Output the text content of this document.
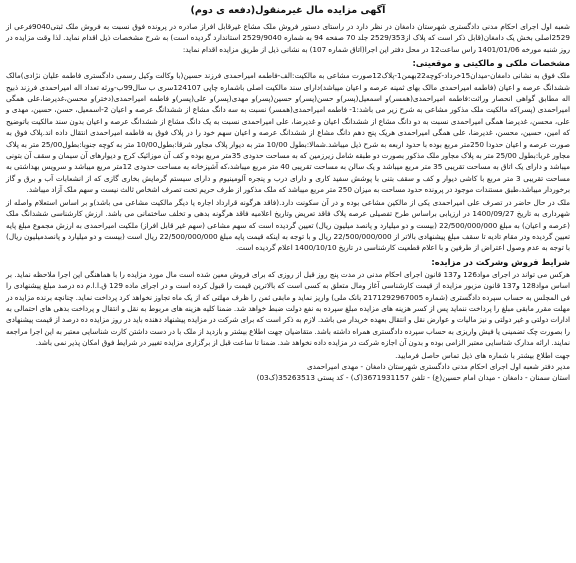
آگهی مزایده مال غیرمنقول(دفعه ی دوم)

شعبه اول اجرای احکام مدنی دادگستری شهرستان دامغان در نظر دارد در راستای دستور فروش ملک مشاع غیرقابل افراز صادره در پرونده فوق نسبت به فروش ملک ثبتی9040فرعی از 2529اصلی بخش یک دامغان(قابل ذکر است که پلاک از2529/353 جلد 70 صفحه 94 به شماره 2529/9040 استاندارد گردیده است) به شرح مشخصات ذیل اقدام نماید. لذا وقت مزایده در روز شنبه مورخه 1401/01/06 راس ساعت12 در محل دفتر این اجرا(اتاق شماره 107) به نشانی ذیل از طریق مزایده اقدام نماید:

مشخصات ملکی و مالکیتی و موقعیتی:

ملک فوق به نشانی دامغان-میدان15خرداد-کوچه22بهمن1-پلاک12صورت مشاعی به مالکیت:الف-فاطمه امیراحمدی فرزند حسین(با وکالت وکیل رسمی دادگستری فاطمه علیان نژادی)مالک ششدانگ عرصه و اعیان (فاطمه امیراحمدی مالک بهای ثمینه عرصه و اعیان میباشد)دارای سند مالکیت اصلی باشماره چاپی 124107سری ب سال99ب-ورثه تعداد اله امیراحمدی فرزند ذبیح اله مطابق گواهی انحصار وراثت:فاطمه امیراحمدی(همسر)و اسمعیل(پسر)و حسن(پسر)و حسین(پسر)و مهدی(پسر)و علی(پسر)و فاطمه امیراحمدی(دختر)و محسن،غدیرضا،علی همگی امیراحمدی (پسر)که مالکیت ملک مذکور مشاعی به شرح زیر می باشد:1- فاطمه امیراحمدی(همسر) نسبت به سه دانگ مشاع از ششدانگ عرصه و اعیان 2-اسمعیل، حسن، حسین، مهدی و علی، محسن، غدیرضا همگی امیراحمدی نسبت به دو دانگ مشاع از ششدانگ اعیان و غدیرضا، علی امیراحمدی نسبت به یک دانگ مشاع از ششدانگ عرصه و اعیان بدون سند مالکیت باتوضیح که امین، حسین، محسن، غدیرضا، علی همگی امیراحمدی هریک پنج دهم دانگ مشاع از ششدانگ عرصه و اعیان سهم خود را در پلاک فوق به فاطمه امیراحمدی انتقال داده اند.پلاک فوق به صورت عرصه و اعیان حدودا 250متر مربع بوده با حدود اربعه به شرح ذیل میباشد.شمالا:بطول 10/00 متر به دیوار پلاک مجاور شرقا:بطول10/00 متر به کوچه جنوبا:بطول25/00 متر به پلاک مجاور غربا:بطول 25/00 متر به پلاک مجاور ملک مذکور بصورت دو طبقه شامل زیرزمین که به مساحت حدودی 35متر مربع بوده و کف آن موزائیک کرج و دیوارهای آن سیمان و سقف آن بتونی میباشد و دارای یک اتاق به مساحت تقریبی 35 متر مربع میباشد و یک سالن به مساحت تقریبی 40 متر مربع میباشد،که آشپزخانه به مساحت حدودی 12متر مربع میباشد و سرویس بهداشتی به مساحت تقریبی 3 متر مربع با کاشی دیوار و کف و سقف بتنی با پوشش سفید کاری و دارای درب و پنجره آلومینیوم و دارای سیستم گرمایش بخاری گازی که از انشعابات آب و برق و گاز برخوردار میباشد،طبق مستندات موجود در پرونده حدود مساحت به میزان 250 متر مربع میباشد که ملک مذکور از طرف حریم تحت تصرف اشخاص ثالث نیست و سهم ملک آزاد میباشد.

ملک در حال حاضر در تصرف علی امیراحمدی یکی از مالکین مشاعی بوده و در آن سکونت دارد.(فاقد هرگونه قرارداد اجاره یا دیگر مالکیت مشاعی می باشد)و بر اساس استعلام واصله از شهرداری به تاریخ 1400/09/27 در ارزیابی براساس طرح تفصیلی عرصه پلاک فاقد تعریض وتاریخ اعلامیه فاقد هرگونه بدهی و تخلف ساختمانی می باشد. ارزش کارشناسی ششدانگ ملک (عرصه و اعیان) به مبلغ 22/500/000/000 (بیست و دو میلیارد و پانصد میلیون ریال) تعیین گردیده است که سهم مشاعی (سهم غیر قابل افراز) ملکیت امیراحمدی به ارزش مجموع مبلغ پایه تعیین گردیده ودر مقام تادیه تا سقف مبلغ پیشنهادی بالاتر از 22/500/000/000 ریال و با توجه به اینکه قیمت پایه مبلغ 22/500/000/000 ریال است (بیست و دو میلیارد و پانصدمیلیون ریال) با توجه به عدم وصول اعتراض از طرفین و با اعلام قطعیت کارشناسی در تاریخ 1400/10/10 اعلام گردیده است.

شرایط فروش وشرکت در مزایده:

هرکس می تواند در اجرای مواد126 و137 قانون اجرای احکام مدنی در مدت پنج روز قبل از روزی که برای فروش معین شده است مال مورد مزایده را با هماهنگی این اجرا ملاحظه نماید. بر اساس مواد128 و137 قانون مزبور مزایده از قیمت کارشناسی آغاز ومال متعلق به کسی است که بالاترین قیمت را قبول کرده است و در اجرای ماده 129 ق.ا.ا.م ده درصد مبلغ پیشنهادی را فی المجلس به حساب سپرده دادگستری (شماره 2171292967005 بانک ملی) واریز نماید و مابقی ثمن را ظرف مهلتی که از یک ماه تجاوز نخواهد کرد پرداخت نماید. چنانچه برنده مزایده در مهلت مقرر مابقی مبلغ را پرداخت ننماید پس از کسر هزینه های مزایده مبلغ سپرده به نفع دولت ضبط خواهد شد. ضمنا کلیه هزینه های مربوط به نقل و انتقال و پرداخت بدهی های احتمالی به ادارات دولتی و غیر دولتی و نیز مالیات و عوارض نقل و انتقال بعهده خریدار می باشد. لازم به ذکر است که برای شرکت در مزایده پیشنهاد دهنده باید در روز مزایده ده درصد از قیمت پیشنهادی را بصورت چک تضمینی یا فیش واریزی به حساب سپرده دادگستری همراه داشته باشد. متقاضیان جهت اطلاع بیشتر و بازدید از ملک با در دست داشتن کارت شناسایی معتبر به این اجرا مراجعه نمایند. ارائه مدارک شناسایی معتبر الزامی بوده و بدون آن اجازه شرکت در مزایده داده نخواهد شد. ضمنا تا ساعت قبل از برگزاری مزایده تغییر در شرایط فوق امکان پذیر نمی باشد.

جهت اطلاع بیشتر با شماره های ذیل تماس حاصل فرمایید.
مدیر دفتر شعبه اول اجرای احکام مدنی دادگستری شهرستان دامغان - مهدی امیراحمدی
استان سمنان - دامغان - میدان امام حسین(ع) - تلفن 3671931157(ک) - کد پستی 35263513(ک03)
